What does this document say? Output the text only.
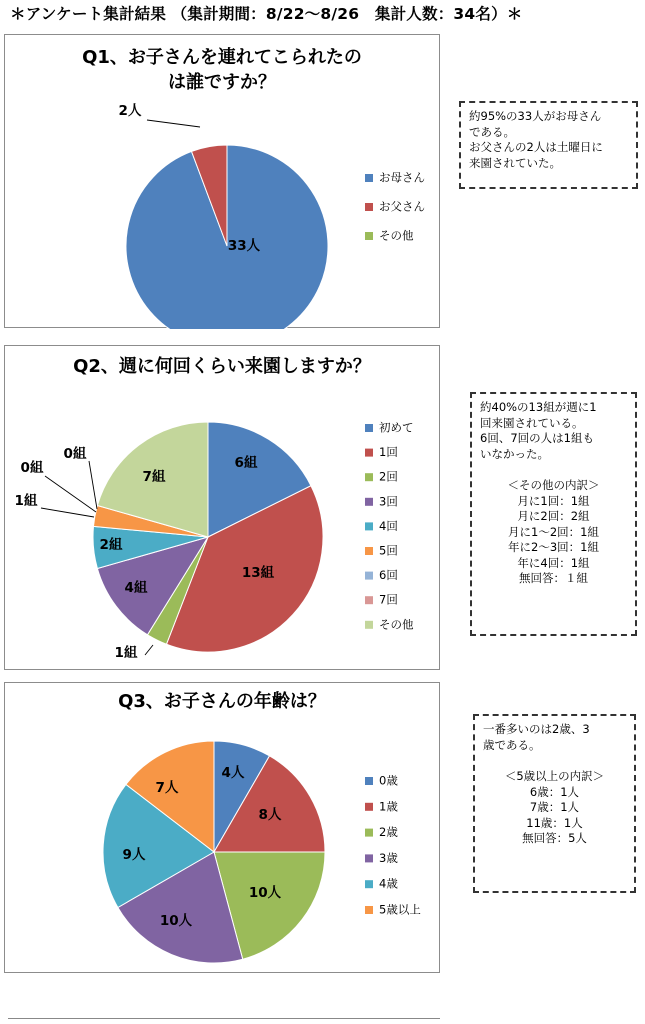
＊アンケート集計結果 （集計期間：8/22～8/26　集計人数：34名）＊
33人
2人
お母さん
お父さん
その他
Q1、お子さんを連れてこられたの
は誰ですか？
6組
13組
1組
4組
2組
1組
0組
0組
7組
初めて
1回
2回
3回
4回
5回
6回
7回
その他
Q2、週に何回くらい来園しますか？
4人
8人
10人
10人
9人
7人	0歳
1歳
2歳
3歳
4歳
5歳以上
Q3、お子さんの年齢は？
約95%の33人がお母さん
である。
お父さんの2人は土曜日に
来園されていた。
約40%の13組が週に1
回来園されている。
6回、7回の人は1組も
いなかった。
＜その他の内訳＞
月に1回：1組
月に2回：2組
月に1～2回：1組
年に2～3回：1組
年に4回：1組
無回答：１組
一番多いのは2歳、3
歳である。
＜5歳以上の内訳＞
6歳：1人
7歳：1人
11歳：1人
無回答：5人
